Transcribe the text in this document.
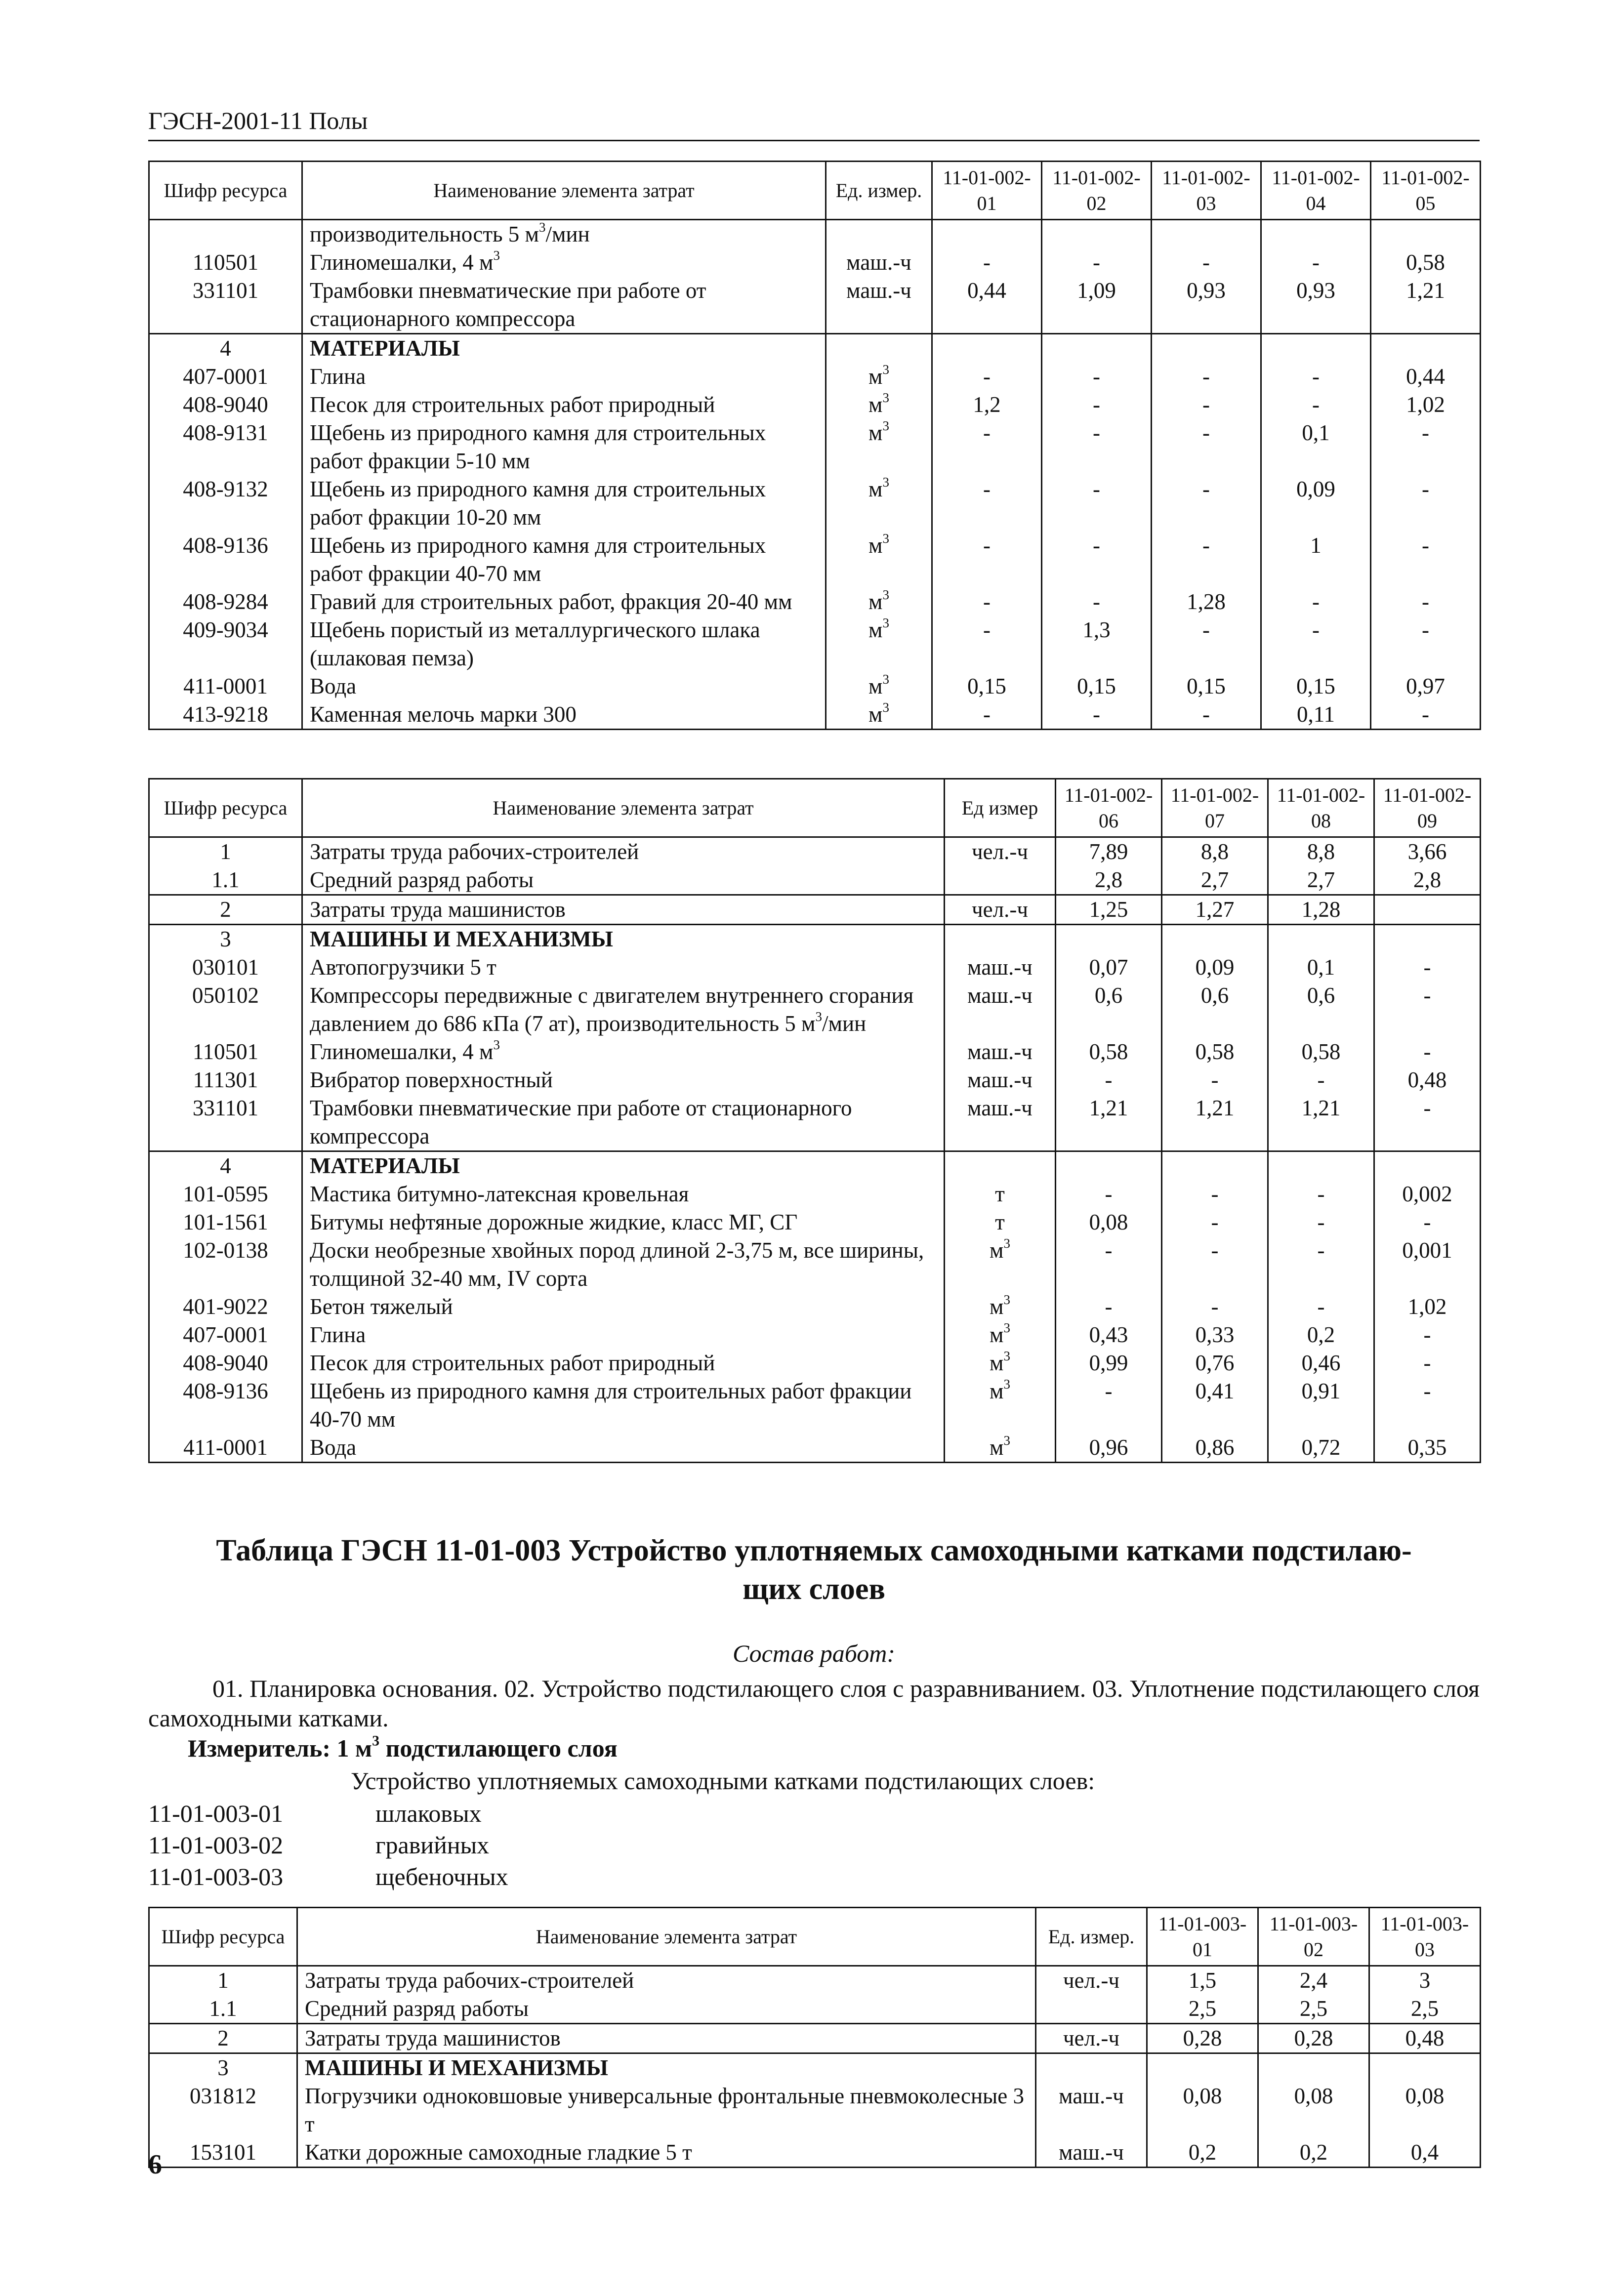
ГЭСН-2001-11 Полы
Шифр ресурса	Наименование элемента затрат	Ед. измер.	11-01-002-01	11-01-002-02	11-01-002-03	11-01-002-04	11-01-002-05
	производительность 5 $м^3$/мин						
110501	Глиномешалки, 4 $м^3$	маш.-ч	-	-	-	-	0,58
331101	Трамбовки пневматические при работе от стационарного компрессора	маш.-ч	0,44	1,09	0,93	0,93	1,21
4	МАТЕРИАЛЫ						
407-0001	Глина	$м^3$	-	-	-	-	0,44
408-9040	Песок для строительных работ природный	$м^3$	1,2	-	-	-	1,02
408-9131	Щебень из природного камня для строительных работ фракции 5-10 мм	$м^3$	-	-	-	0,1	-
408-9132	Щебень из природного камня для строительных работ фракции 10-20 мм	$м^3$	-	-	-	0,09	-
408-9136	Щебень из природного камня для строительных работ фракции 40-70 мм	$м^3$	-	-	-	1	-
408-9284	Гравий для строительных работ, фракция 20-40 мм	$м^3$	-	-	1,28	-	-
409-9034	Щебень пористый из металлургического шлака (шлаковая пемза)	$м^3$	-	1,3	-	-	-
411-0001	Вода	$м^3$	0,15	0,15	0,15	0,15	0,97
413-9218	Каменная мелочь марки 300	$м^3$	-	-	-	0,11	-
Шифр ресурса	Наименование элемента затрат	Ед измер	11-01-002-06	11-01-002-07	11-01-002-08	11-01-002-09
1	Затраты труда рабочих-строителей	чел.-ч	7,89	8,8	8,8	3,66
1.1	Средний разряд работы		2,8	2,7	2,7	2,8
2	Затраты труда машинистов	чел.-ч	1,25	1,27	1,28	
3	МАШИНЫ И МЕХАНИЗМЫ					
030101	Автопогрузчики 5 т	маш.-ч	0,07	0,09	0,1	-
050102	Компрессоры передвижные с двигателем внутреннего сгорания давлением до 686 кПа (7 ат), производительность 5 $м^3$/мин	маш.-ч	0,6	0,6	0,6	-
110501	Глиномешалки, 4 $м^3$	маш.-ч	0,58	0,58	0,58	-
111301	Вибратор поверхностный	маш.-ч	-	-	-	0,48
331101	Трамбовки пневматические при работе от стационарного компрессора	маш.-ч	1,21	1,21	1,21	-
4	МАТЕРИАЛЫ					
101-0595	Мастика битумно-латексная кровельная	т	-	-	-	0,002
101-1561	Битумы нефтяные дорожные жидкие, класс МГ, СГ	т	0,08	-	-	-
102-0138	Доски необрезные хвойных пород длиной 2-3,75 м, все ширины, толщиной 32-40 мм, IV сорта	$м^3$	-	-	-	0,001
401-9022	Бетон тяжелый	$м^3$	-	-	-	1,02
407-0001	Глина	$м^3$	0,43	0,33	0,2	-
408-9040	Песок для строительных работ природный	$м^3$	0,99	0,76	0,46	-
408-9136	Щебень из природного камня для строительных работ фракции 40-70 мм	$м^3$	-	0,41	0,91	-
411-0001	Вода	$м^3$	0,96	0,86	0,72	0,35
Таблица ГЭСН 11-01-003 Устройство уплотняемых самоходными катками подстилаю-
щих слоев
Состав работ:
01. Планировка основания. 02. Устройство подстилающего слоя с разравниванием. 03. Уплотнение подстилающего слоя самоходными катками.
Измеритель: 1 $м^3$ подстилающего слоя
Устройство уплотняемых самоходными катками подстилающих слоев:
11-01-003-01	шлаковых
11-01-003-02	гравийных
11-01-003-03	щебеночных
Шифр ресурса	Наименование элемента затрат	Ед. измер.	11-01-003-01	11-01-003-02	11-01-003-03
1	Затраты труда рабочих-строителей	чел.-ч	1,5	2,4	3
1.1	Средний разряд работы		2,5	2,5	2,5
2	Затраты труда машинистов	чел.-ч	0,28	0,28	0,48
3	МАШИНЫ И МЕХАНИЗМЫ				
031812	Погрузчики одноковшовые универсальные фронтальные пневмоколесные 3 т	маш.-ч	0,08	0,08	0,08
153101	Катки дорожные самоходные гладкие 5 т	маш.-ч	0,2	0,2	0,4
6
